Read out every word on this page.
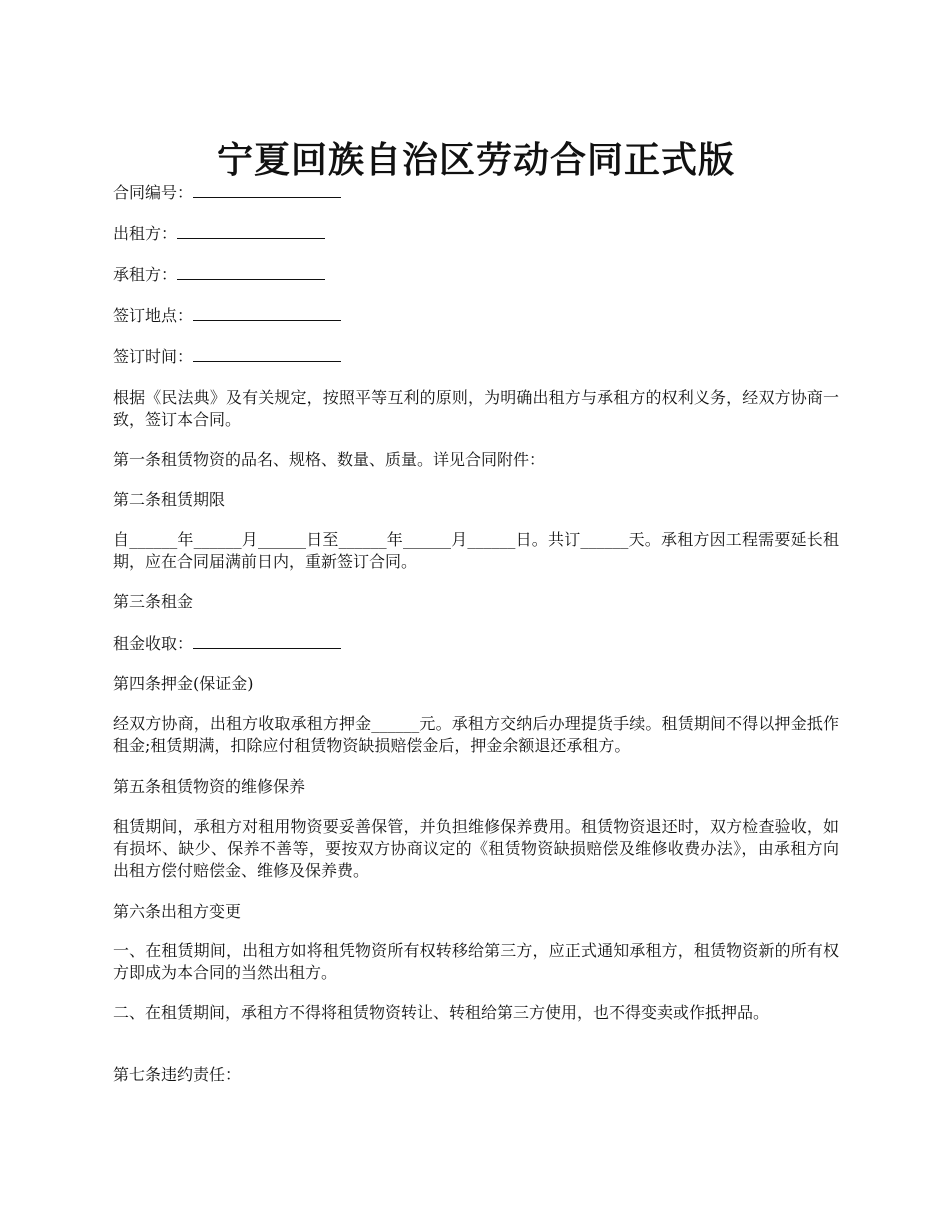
宁夏回族自治区劳动合同正式版

合同编号：

出租方：

承租方：

签订地点：

签订时间：

根据《民法典》及有关规定，按照平等互利的原则，为明确出租方与承租方的权利义务，经双方协商一致，签订本合同。

第一条租赁物资的品名、规格、数量、质量。详见合同附件：

第二条租赁期限

自______年______月______日至______年______月______日。共订______天。承租方因工程需要延长租期，应在合同届满前日内，重新签订合同。

第三条租金

租金收取：

第四条押金(保证金)

经双方协商，出租方收取承租方押金______元。承租方交纳后办理提货手续。租赁期间不得以押金抵作租金;租赁期满，扣除应付租赁物资缺损赔偿金后，押金余额退还承租方。

第五条租赁物资的维修保养

租赁期间，承租方对租用物资要妥善保管，并负担维修保养费用。租赁物资退还时，双方检查验收，如有损坏、缺少、保养不善等，要按双方协商议定的《租赁物资缺损赔偿及维修收费办法》，由承租方向出租方偿付赔偿金、维修及保养费。

第六条出租方变更

一、在租赁期间，出租方如将租凭物资所有权转移给第三方，应正式通知承租方，租赁物资新的所有权方即成为本合同的当然出租方。

二、在租赁期间，承租方不得将租赁物资转让、转租给第三方使用，也不得变卖或作抵押品。

第七条违约责任：
